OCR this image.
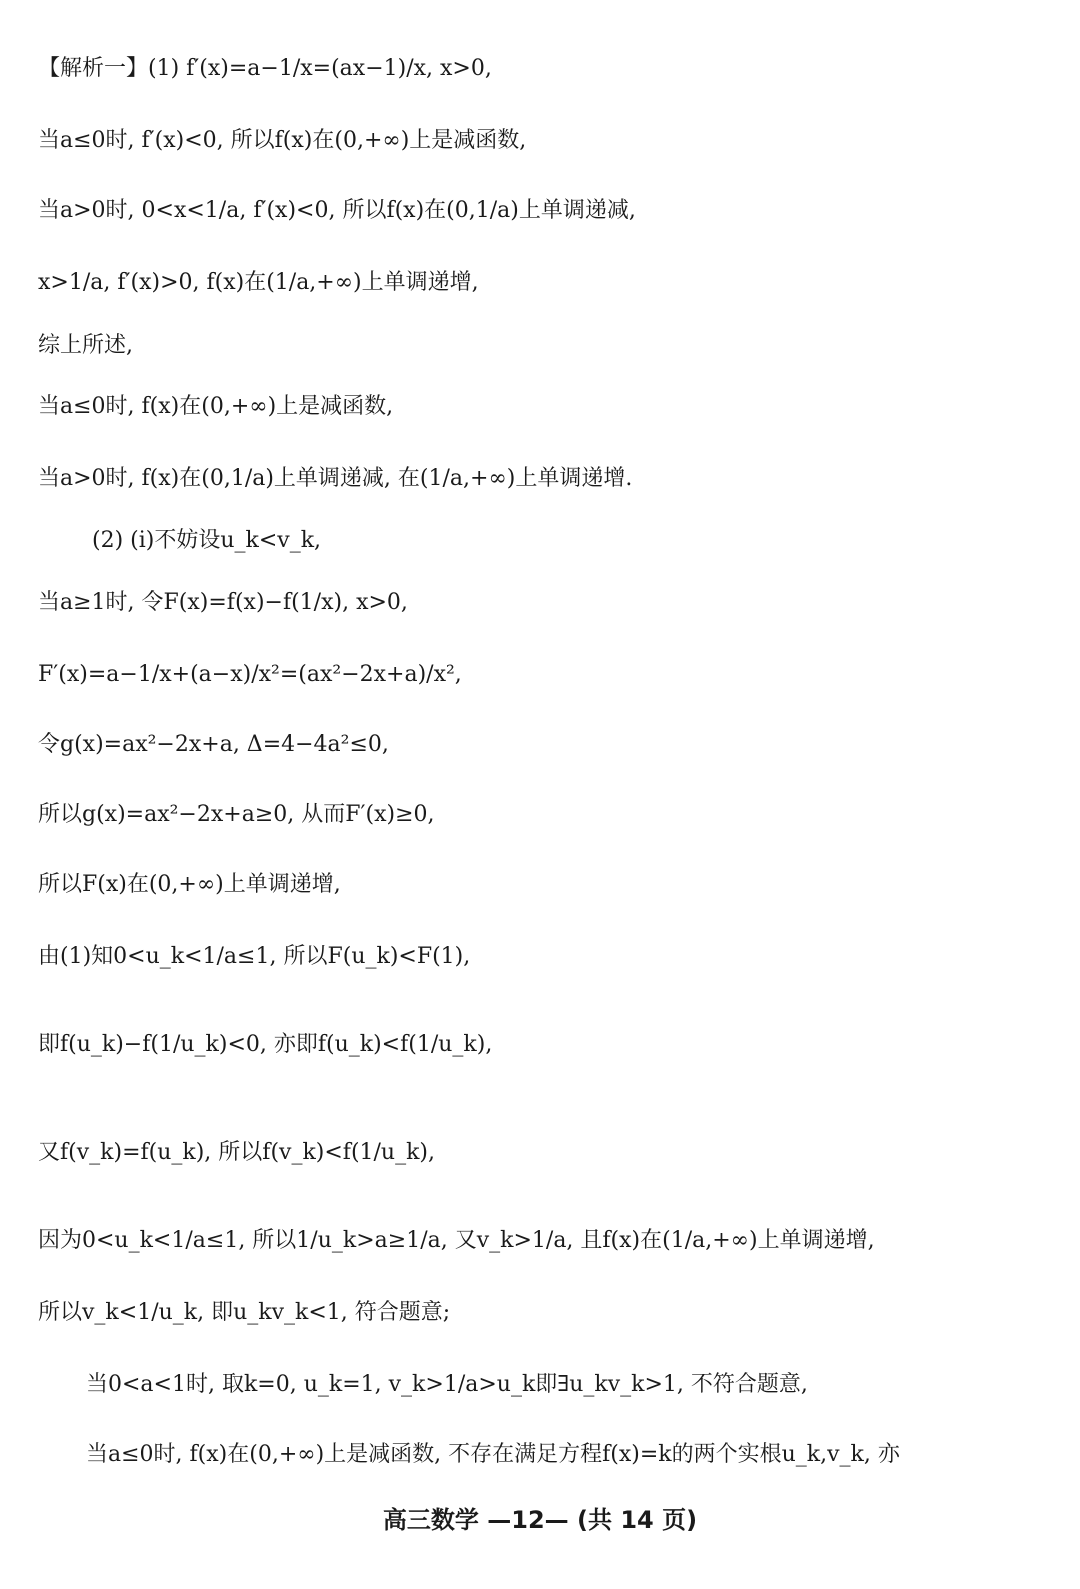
【解析一】(1) f′(x)=a−1/x=(ax−1)/x, x>0,
当a≤0时, f′(x)<0, 所以f(x)在(0,+∞)上是减函数,
当a>0时, 0<x<1/a, f′(x)<0, 所以f(x)在(0,1/a)上单调递减,
x>1/a, f′(x)>0, f(x)在(1/a,+∞)上单调递增,
综上所述,
当a≤0时, f(x)在(0,+∞)上是减函数,
当a>0时, f(x)在(0,1/a)上单调递减, 在(1/a,+∞)上单调递增.
(2) (ⅰ)不妨设u_k<v_k,
当a≥1时, 令F(x)=f(x)−f(1/x), x>0,
F′(x)=a−1/x+(a−x)/x²=(ax²−2x+a)/x²,
令g(x)=ax²−2x+a, Δ=4−4a²≤0,
所以g(x)=ax²−2x+a≥0, 从而F′(x)≥0,
所以F(x)在(0,+∞)上单调递增,
由(1)知0<u_k<1/a≤1, 所以F(u_k)<F(1),
即f(u_k)−f(1/u_k)<0, 亦即f(u_k)<f(1/u_k),
又f(v_k)=f(u_k), 所以f(v_k)<f(1/u_k),
因为0<u_k<1/a≤1, 所以1/u_k>a≥1/a, 又v_k>1/a, 且f(x)在(1/a,+∞)上单调递增,
所以v_k<1/u_k, 即u_kv_k<1, 符合题意;
当0<a<1时, 取k=0, u_k=1, v_k>1/a>u_k即∃u_kv_k>1, 不符合题意,
当a≤0时, f(x)在(0,+∞)上是减函数, 不存在满足方程f(x)=k的两个实根u_k,v_k, 亦
高三数学 —12— (共 14 页)
